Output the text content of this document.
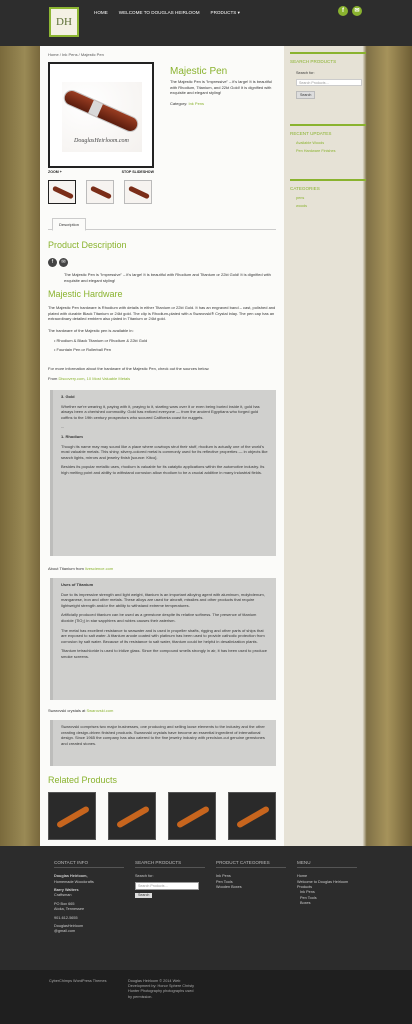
DH
HOME WELCOME TO DOUGLAS HEIRLOOM PRODUCTS ▾	f	✉
Home / Ink Pens / Majestic Pen
DouglasHeirloom.com
ZOOM +	STOP SLIDESHOW
Majestic Pen
The Majestic Pen is "impressive" – it's large! It is beautiful with Rhodium, Titanium, and 22kt Gold! It is dignified with exquisite and elegant styling!
Category: Ink Pens
Description
Product Description
f	✉
The Majestic Pen is "impressive" – it's large! It is beautiful with Rhodium and Titanium or 22kt Gold! It is dignified with exquisite and elegant styling!
Majestic Hardware
The Majestic Pen hardware is Rhodium with details in either Titanium or 22kt Gold. It has an engraved band – cast, polished and plated with durable Black Titanium or 24kt gold. The clip is Rhodium-plated with a Swarovski® Crystal inlay. The pen cap has an extraordinary detailed emblem also plated in Titanium or 24kt gold.
The hardware of the Majestic pen is available in:
• Rhodium & Black Titanium or Rhodium & 22kt Gold
• Fountain Pen or Rollerball Pen
For more information about the hardware of the Majestic Pen, check out the sources below.
From Discovery.com, 10 Most Valuable Metals

3. Gold

Whether we're wearing it, paying with it, praying to it, starting wars over it or even being buried inside it, gold has always been a cherished commodity. Gold has enticed everyone — from the ancient Egyptians who forged gold coffins to the 19th century prospectors who scoured California coast for nuggets.

...

1. Rhodium

Though its name may may sound like a place where cowboys strut their stuff, rhodium is actually one of the world's most valuable metals. This shiny, silvery-colored metal is commonly used for its reflective properties — in objects like search lights, mirrors and jewelry finish [source: Kitco].

Besides its popular metallic uses, rhodium is valuable for its catalytic applications within the automotive industry. Its high melting point and ability to withstand corrosion allow rhodium to be a crucial additive in many industrial fields.

About Titanium from livescience.com

Uses of Titanium

Due to its impressive strength and light weight, titanium is an important alloying agent with aluminum, molybdenum, manganese, iron and other metals. These alloys are used for aircraft, missiles and other products that require lightweight strength and/or the ability to withstand extreme temperatures.

Artificially produced titanium can be used as a gemstone despite its relative softness. The presence of titanium dioxide (TiO₂) in star sapphires and rubies causes their asterism.

The metal has excellent resistance to seawater and is used in propeller shafts, rigging and other parts of ships that are exposed to salt water. A titanium anode coated with platinum has been used to provide cathodic protection from corrosion by salt water. Because of its resistance to salt water, titanium could be helpful in desalinization plants.

Titanium tetrachloride is used to iridize glass. Since the compound smells strongly in air, it has been used to produce smoke screens.

Swarovski crystals at Swarovski.com

Swarovski comprises two major businesses, one producing and selling loose elements to the industry and the other creating design-driven finished products. Swarovski crystals have become an essential ingredient of international design. Since 1965 the company has also catered to the fine jewelry industry with precision-cut genuine gemstones and created stones.

Related Products
SEARCH PRODUCTS
Search for:
Search Products…
Search
RECENT UPDATES
Available Woods
Pen Hardware Finishes
CATEGORIES
pens
woods
CONTACT INFO
Douglas Heirloom,
Homemade Woodcrafts
Barry Walters
Craftsman
PO Box 665
Atoka, Tennessee
901-612-5655
DouglasHeirloom@gmail.com
SEARCH PRODUCTS
Search for:
Search Products…
Search
PRODUCT CATEGORIES
Ink Pens
Pen Tools
Wooden Boxes
MENU
Home
Welcome to Douglas Heirloom
Products
Ink Pens
Pen Tools
Boxes
CyberChimps WordPress Themes	Douglas Heirloom © 2014 Web Development by: Honor Sphere Christy Hunter Photography photographs used by permission.
